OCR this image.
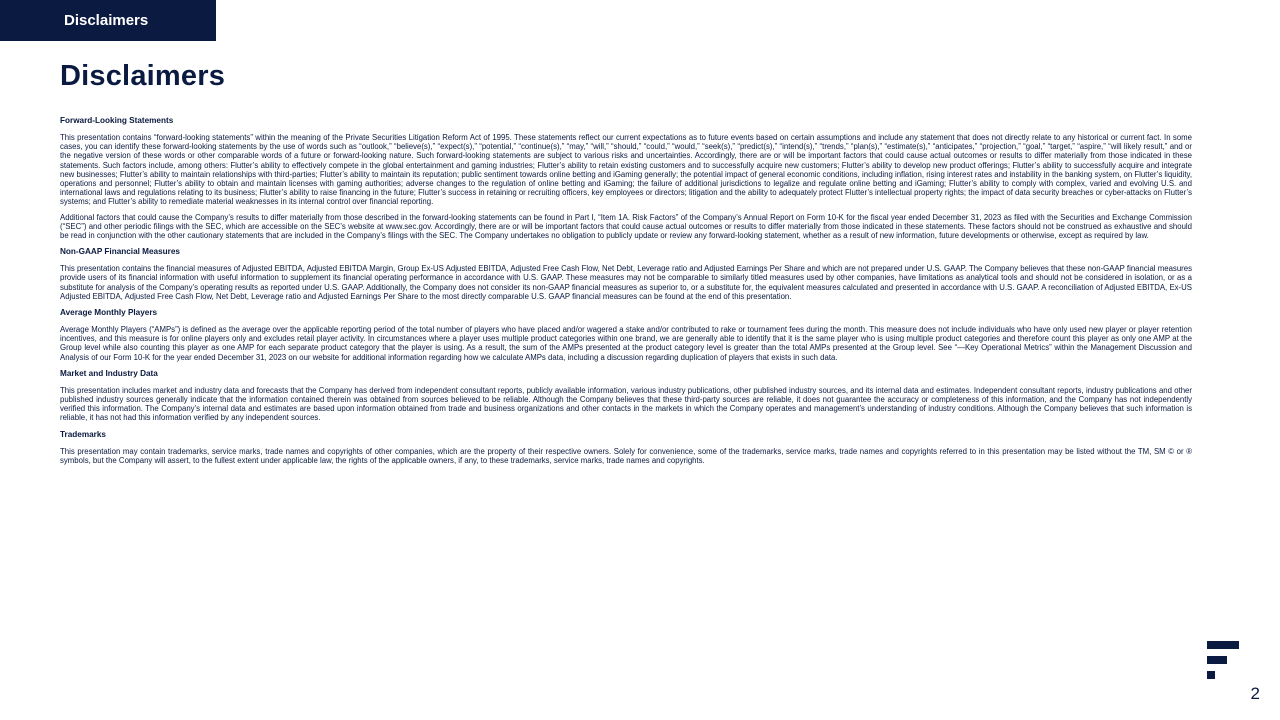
Disclaimers
Disclaimers
Forward-Looking Statements

This presentation contains “forward-looking statements” within the meaning of the Private Securities Litigation Reform Act of 1995. These statements reflect our current expectations as to future events based on certain assumptions and include any statement that does not directly relate to any historical or current fact. In some cases, you can identify these forward-looking statements by the use of words such as “outlook,” “believe(s),” “expect(s),” “potential,” “continue(s),” “may,” “will,” “should,” “could,” “would,” “seek(s),” “predict(s),” “intend(s),” “trends,” “plan(s),” “estimate(s),” “anticipates,” “projection,” “goal,” “target,” “aspire,” “will likely result,” and or the negative version of these words or other comparable words of a future or forward-looking nature. Such forward-looking statements are subject to various risks and uncertainties. Accordingly, there are or will be important factors that could cause actual outcomes or results to differ materially from those indicated in these statements. Such factors include, among others: Flutter’s ability to effectively compete in the global entertainment and gaming industries; Flutter’s ability to retain existing customers and to successfully acquire new customers; Flutter’s ability to develop new product offerings; Flutter’s ability to successfully acquire and integrate new businesses; Flutter’s ability to maintain relationships with third-parties; Flutter’s ability to maintain its reputation; public sentiment towards online betting and iGaming generally; the potential impact of general economic conditions, including inflation, rising interest rates and instability in the banking system, on Flutter’s liquidity, operations and personnel; Flutter’s ability to obtain and maintain licenses with gaming authorities; adverse changes to the regulation of online betting and iGaming; the failure of additional jurisdictions to legalize and regulate online betting and iGaming; Flutter’s ability to comply with complex, varied and evolving U.S. and international laws and regulations relating to its business; Flutter’s ability to raise financing in the future; Flutter’s success in retaining or recruiting officers, key employees or directors; litigation and the ability to adequately protect Flutter’s intellectual property rights; the impact of data security breaches or cyber-attacks on Flutter’s systems; and Flutter’s ability to remediate material weaknesses in its internal control over financial reporting.

Additional factors that could cause the Company’s results to differ materially from those described in the forward-looking statements can be found in Part I, “Item 1A. Risk Factors” of the Company’s Annual Report on Form 10-K for the fiscal year ended December 31, 2023 as filed with the Securities and Exchange Commission (“SEC”) and other periodic filings with the SEC, which are accessible on the SEC’s website at www.sec.gov. Accordingly, there are or will be important factors that could cause actual outcomes or results to differ materially from those indicated in these statements. These factors should not be construed as exhaustive and should be read in conjunction with the other cautionary statements that are included in the Company’s filings with the SEC. The Company undertakes no obligation to publicly update or review any forward-looking statement, whether as a result of new information, future developments or otherwise, except as required by law.

Non-GAAP Financial Measures

This presentation contains the financial measures of Adjusted EBITDA, Adjusted EBITDA Margin, Group Ex-US Adjusted EBITDA, Adjusted Free Cash Flow, Net Debt, Leverage ratio and Adjusted Earnings Per Share and which are not prepared under U.S. GAAP. The Company believes that these non-GAAP financial measures provide users of its financial information with useful information to supplement its financial operating performance in accordance with U.S. GAAP. These measures may not be comparable to similarly titled measures used by other companies, have limitations as analytical tools and should not be considered in isolation, or as a substitute for analysis of the Company’s operating results as reported under U.S. GAAP. Additionally, the Company does not consider its non-GAAP financial measures as superior to, or a substitute for, the equivalent measures calculated and presented in accordance with U.S. GAAP. A reconciliation of Adjusted EBITDA, Ex-US Adjusted EBITDA, Adjusted Free Cash Flow, Net Debt, Leverage ratio and Adjusted Earnings Per Share to the most directly comparable U.S. GAAP financial measures can be found at the end of this presentation.

Average Monthly Players

Average Monthly Players (“AMPs”) is defined as the average over the applicable reporting period of the total number of players who have placed and/or wagered a stake and/or contributed to rake or tournament fees during the month. This measure does not include individuals who have only used new player or player retention incentives, and this measure is for online players only and excludes retail player activity. In circumstances where a player uses multiple product categories within one brand, we are generally able to identify that it is the same player who is using multiple product categories and therefore count this player as only one AMP at the Group level while also counting this player as one AMP for each separate product category that the player is using. As a result, the sum of the AMPs presented at the product category level is greater than the total AMPs presented at the Group level. See “—Key Operational Metrics” within the Management Discussion and Analysis of our Form 10-K for the year ended December 31, 2023 on our website for additional information regarding how we calculate AMPs data, including a discussion regarding duplication of players that exists in such data.

Market and Industry Data

This presentation includes market and industry data and forecasts that the Company has derived from independent consultant reports, publicly available information, various industry publications, other published industry sources, and its internal data and estimates. Independent consultant reports, industry publications and other published industry sources generally indicate that the information contained therein was obtained from sources believed to be reliable. Although the Company believes that these third-party sources are reliable, it does not guarantee the accuracy or completeness of this information, and the Company has not independently verified this information. The Company’s internal data and estimates are based upon information obtained from trade and business organizations and other contacts in the markets in which the Company operates and management’s understanding of industry conditions. Although the Company believes that such information is reliable, it has not had this information verified by any independent sources.

Trademarks

This presentation may contain trademarks, service marks, trade names and copyrights of other companies, which are the property of their respective owners. Solely for convenience, some of the trademarks, service marks, trade names and copyrights referred to in this presentation may be listed without the TM, SM © or ® symbols, but the Company will assert, to the fullest extent under applicable law, the rights of the applicable owners, if any, to these trademarks, service marks, trade names and copyrights.

2
